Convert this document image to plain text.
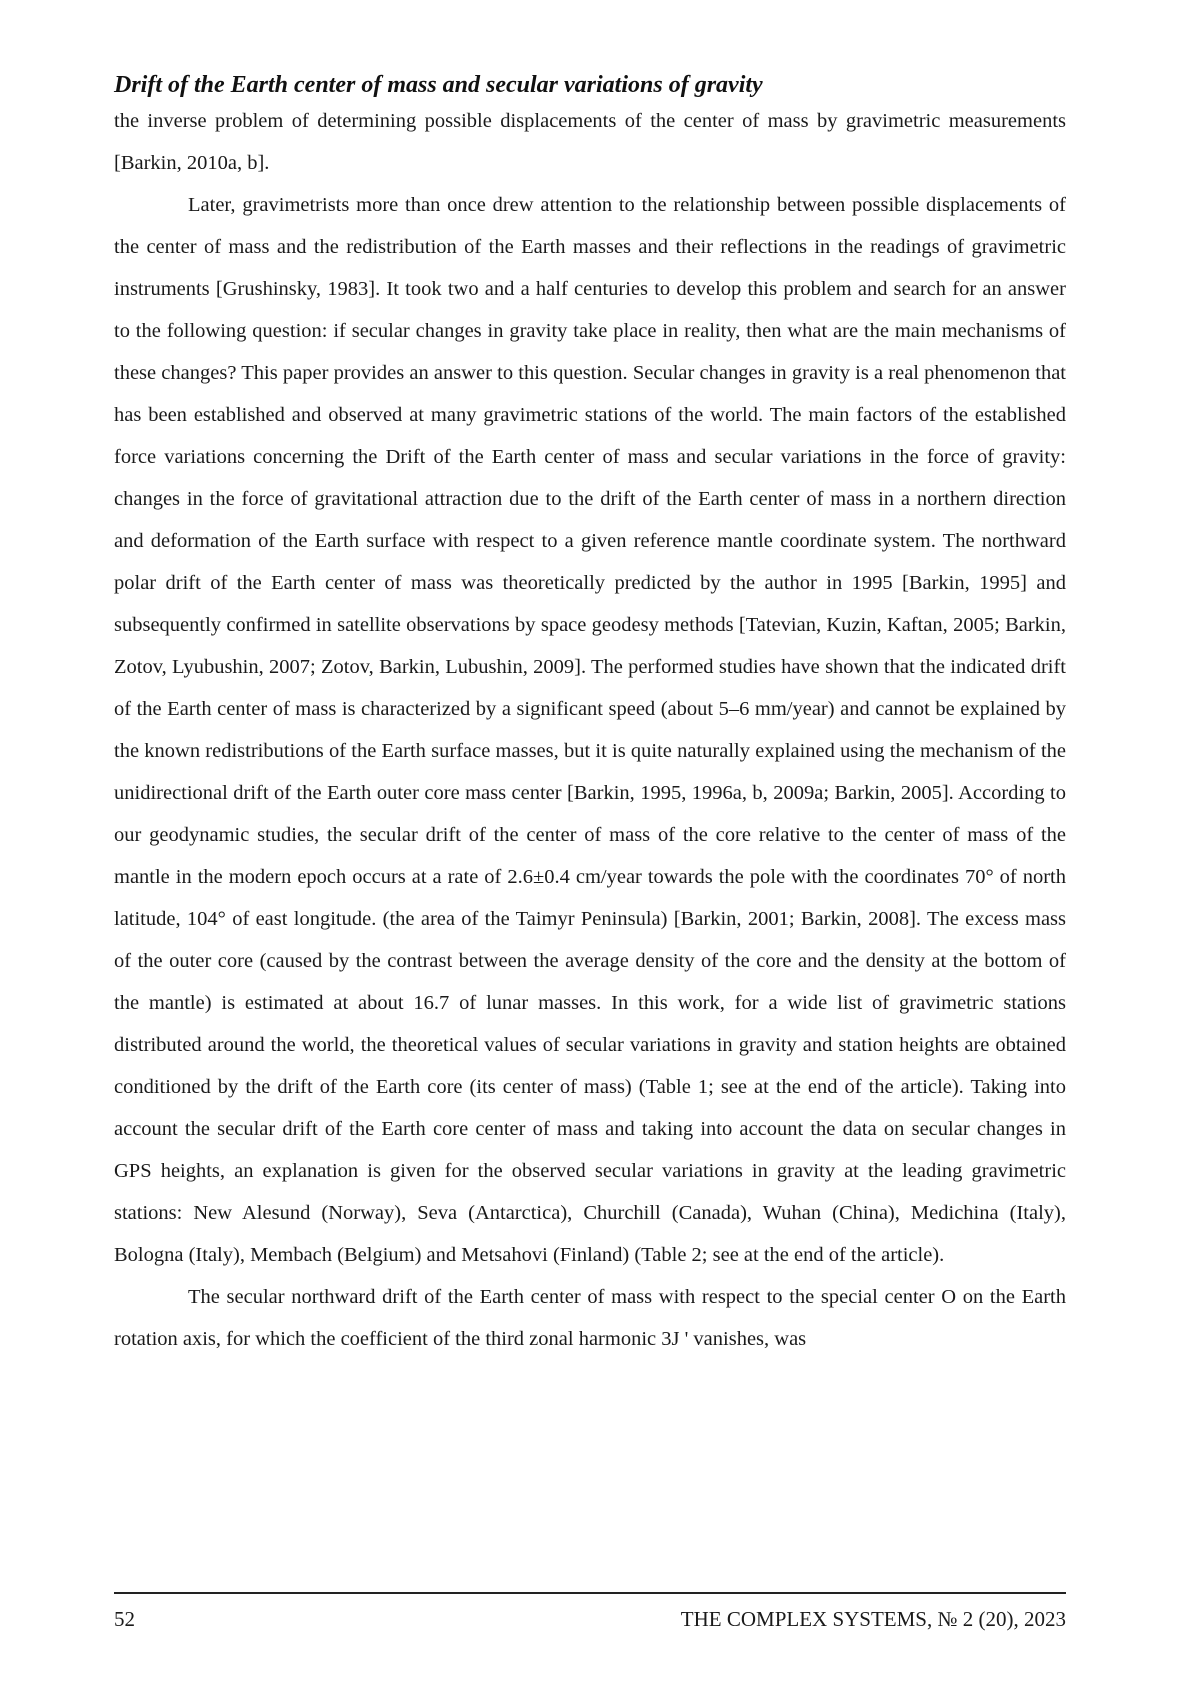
Drift of the Earth center of mass and secular variations of gravity

the inverse problem of determining possible displacements of the center of mass by gravimetric measurements [Barkin, 2010a, b].

Later, gravimetrists more than once drew attention to the relationship between possible displacements of the center of mass and the redistribution of the Earth masses and their reflections in the readings of gravimetric instruments [Grushinsky, 1983]. It took two and a half centuries to develop this problem and search for an answer to the following question: if secular changes in gravity take place in reality, then what are the main mechanisms of these changes? This paper provides an answer to this question. Secular changes in gravity is a real phenomenon that has been established and observed at many gravimetric stations of the world. The main factors of the established force variations concerning the Drift of the Earth center of mass and secular variations in the force of gravity: changes in the force of gravitational attraction due to the drift of the Earth center of mass in a northern direction and deformation of the Earth surface with respect to a given reference mantle coordinate system. The northward polar drift of the Earth center of mass was theoretically predicted by the author in 1995 [Barkin, 1995] and subsequently confirmed in satellite observations by space geodesy methods [Tatevian, Kuzin, Kaftan, 2005; Barkin, Zotov, Lyubushin, 2007; Zotov, Barkin, Lubushin, 2009]. The performed studies have shown that the indicated drift of the Earth center of mass is characterized by a significant speed (about 5–6 mm/year) and cannot be explained by the known redistributions of the Earth surface masses, but it is quite naturally explained using the mechanism of the unidirectional drift of the Earth outer core mass center [Barkin, 1995, 1996a, b, 2009a; Barkin, 2005]. According to our geodynamic studies, the secular drift of the center of mass of the core relative to the center of mass of the mantle in the modern epoch occurs at a rate of 2.6±0.4 cm/year towards the pole with the coordinates 70° of north latitude, 104° of east longitude. (the area of the Taimyr Peninsula) [Barkin, 2001; Barkin, 2008]. The excess mass of the outer core (caused by the contrast between the average density of the core and the density at the bottom of the mantle) is estimated at about 16.7 of lunar masses. In this work, for a wide list of gravimetric stations distributed around the world, the theoretical values of secular variations in gravity and station heights are obtained conditioned by the drift of the Earth core (its center of mass) (Table 1; see at the end of the article). Taking into account the secular drift of the Earth core center of mass and taking into account the data on secular changes in GPS heights, an explanation is given for the observed secular variations in gravity at the leading gravimetric stations: New Alesund (Norway), Seva (Antarctica), Churchill (Canada), Wuhan (China), Medichina (Italy), Bologna (Italy), Membach (Belgium) and Metsahovi (Finland) (Table 2; see at the end of the article).

The secular northward drift of the Earth center of mass with respect to the special center O on the Earth rotation axis, for which the coefficient of the third zonal harmonic 3J ' vanishes, was

52	THE COMPLEX SYSTEMS, № 2 (20), 2023
